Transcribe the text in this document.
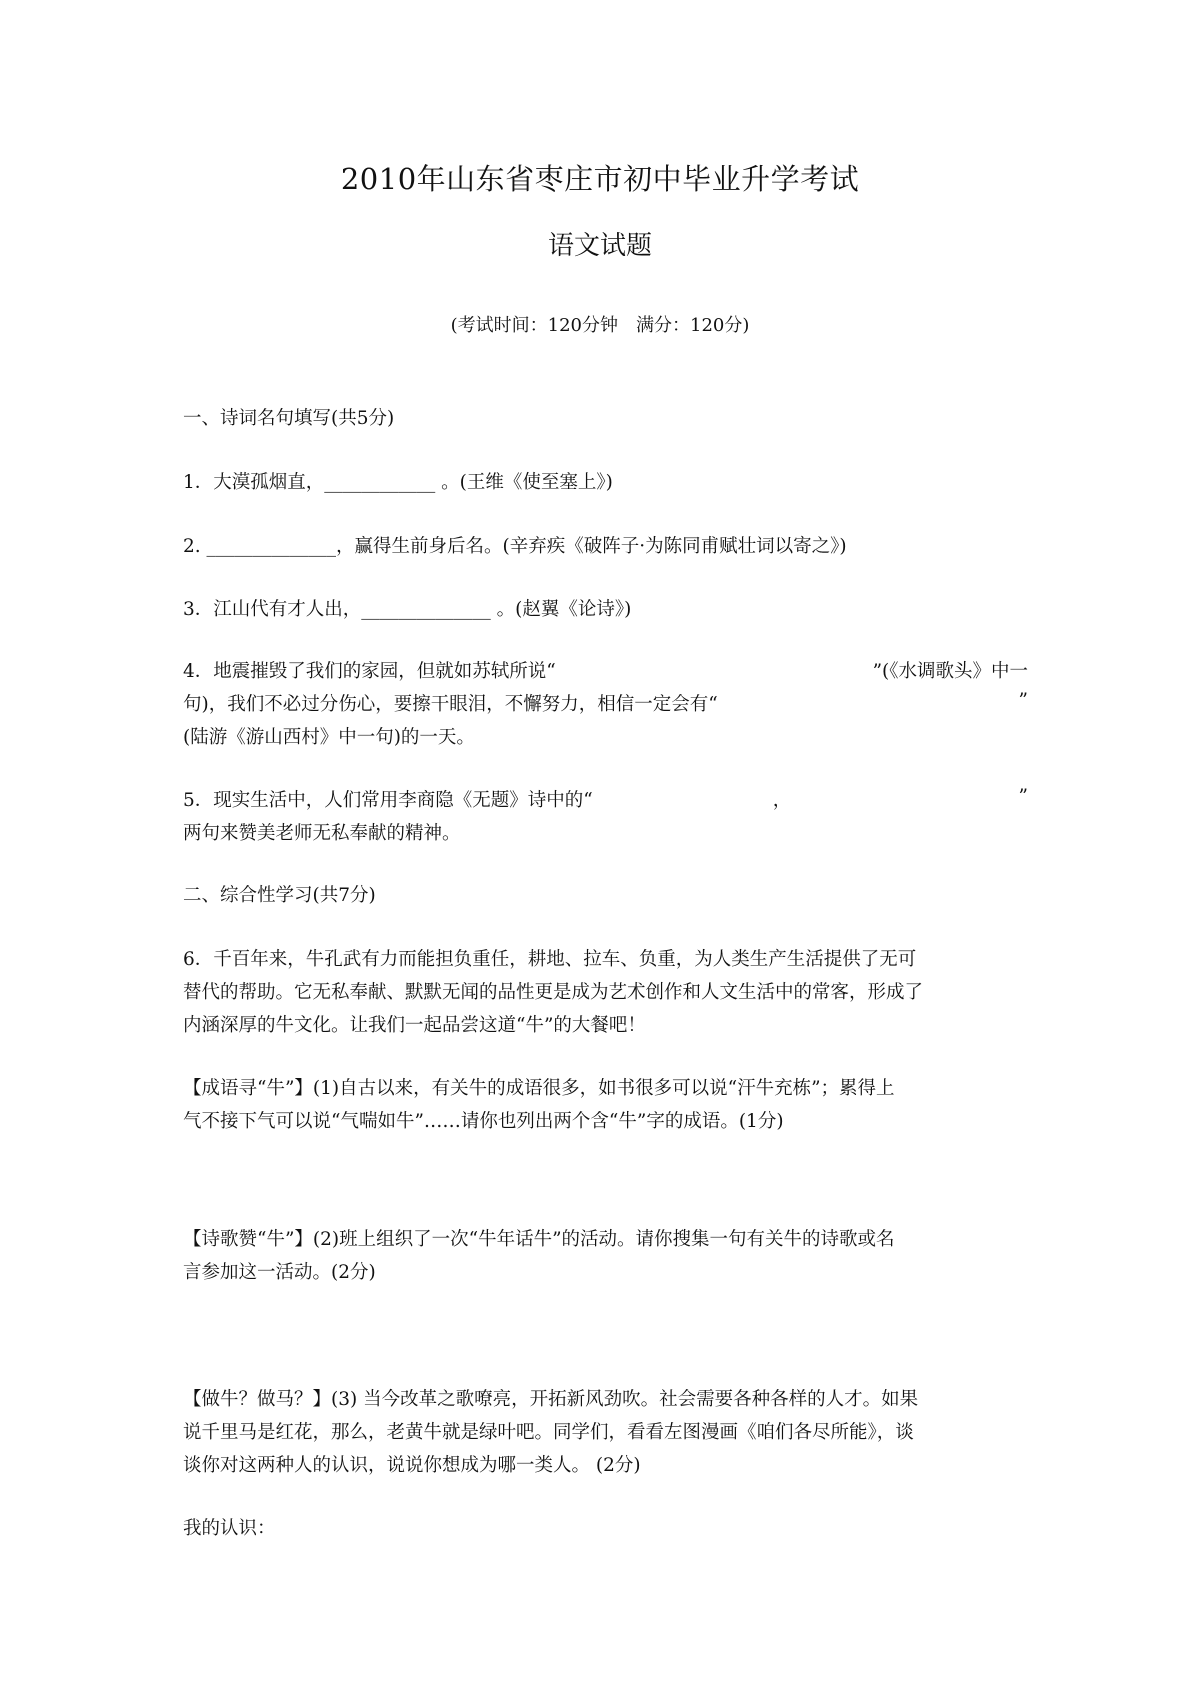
2010年山东省枣庄市初中毕业升学考试
语文试题
(考试时间：120分钟　满分：120分)
一、诗词名句填写(共5分)
1．大漠孤烟直，____________ 。(王维《使至塞上》)
2. ______________，赢得生前身后名。(辛弃疾《破阵子·为陈同甫赋壮词以寄之》)
3．江山代有才人出，______________ 。(赵翼《论诗》)
4．地震摧毁了我们的家园，但就如苏轼所说“	”(《水调歌头》中一
句)，我们不必过分伤心，要擦干眼泪，不懈努力，相信一定会有“	”
(陆游《游山西村》中一句)的一天。
5．现实生活中，人们常用李商隐《无题》诗中的“	，	”
两句来赞美老师无私奉献的精神。
二、综合性学习(共7分)
6．千百年来，牛孔武有力而能担负重任，耕地、拉车、负重，为人类生产生活提供了无可
替代的帮助。它无私奉献、默默无闻的品性更是成为艺术创作和人文生活中的常客，形成了
内涵深厚的牛文化。让我们一起品尝这道“牛”的大餐吧！
【成语寻“牛”】(1)自古以来，有关牛的成语很多，如书很多可以说“汗牛充栋”；累得上
气不接下气可以说“气喘如牛”……请你也列出两个含“牛”字的成语。(1分)
【诗歌赞“牛”】(2)班上组织了一次“牛年话牛”的活动。请你搜集一句有关牛的诗歌或名
言参加这一活动。(2分)
【做牛？做马？】(3) 当今改革之歌嘹亮，开拓新风劲吹。社会需要各种各样的人才。如果
说千里马是红花，那么，老黄牛就是绿叶吧。同学们，看看左图漫画《咱们各尽所能》，谈
谈你对这两种人的认识，说说你想成为哪一类人。 (2分)
我的认识：
